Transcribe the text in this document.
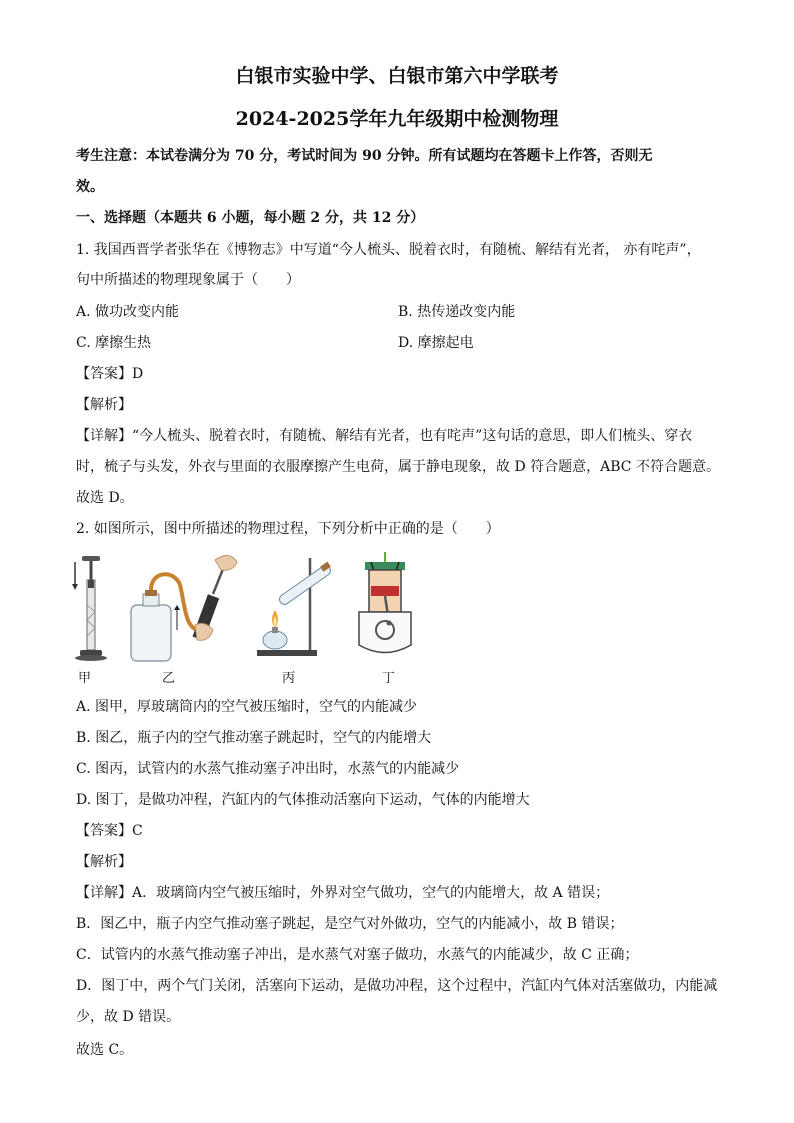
白银市实验中学、白银市第六中学联考
2024-2025学年九年级期中检测物理
考生注意：本试卷满分为 70 分，考试时间为 90 分钟。所有试题均在答题卡上作答，否则无
效。
一、选择题（本题共 6 小题，每小题 2 分，共 12 分）
1. 我国西晋学者张华在《博物志》中写道“今人梳头、脱着衣时，有随梳、解结有光者， 亦有咤声”，
句中所描述的物理现象属于（　　）
A. 做功改变内能	B. 热传递改变内能
C. 摩擦生热	D. 摩擦起电
【答案】D
【解析】
【详解】“今人梳头、脱着衣时，有随梳、解结有光者，也有咤声”这句话的意思，即人们梳头、穿衣
时，梳子与头发，外衣与里面的衣服摩擦产生电荷，属于静电现象，故 D 符合题意，ABC 不符合题意。
故选 D。
2. 如图所示，图中所描述的物理过程，下列分析中正确的是（　　）
甲	乙	丙	丁
A. 图甲，厚玻璃筒内的空气被压缩时，空气的内能减少
B. 图乙，瓶子内的空气推动塞子跳起时，空气的内能增大
C. 图丙，试管内的水蒸气推动塞子冲出时，水蒸气的内能减少
D. 图丁，是做功冲程，汽缸内的气体推动活塞向下运动，气体的内能增大
【答案】C
【解析】
【详解】A．玻璃筒内空气被压缩时，外界对空气做功，空气的内能增大，故 A 错误；
B．图乙中，瓶子内空气推动塞子跳起，是空气对外做功，空气的内能减小，故 B 错误；
C．试管内的水蒸气推动塞子冲出，是水蒸气对塞子做功，水蒸气的内能减少，故 C 正确；
D．图丁中，两个气门关闭，活塞向下运动，是做功冲程，这个过程中，汽缸内气体对活塞做功，内能减
少，故 D 错误。
故选 C。
